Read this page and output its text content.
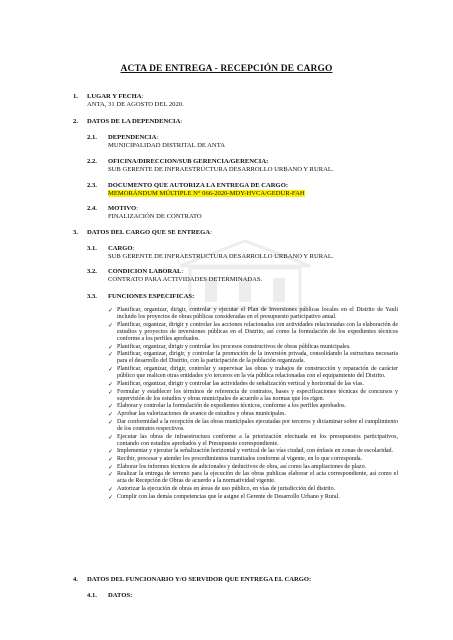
ACTA DE ENTREGA - RECEPCIÓN DE CARGO
1. LUGAR Y FECHA:
ANTA, 31 DE AGOSTO DEL 2020.
2. DATOS DE LA DEPENDENCIA:
2.1. DEPENDENCIA:
MUNICIPALIDAD DISTRITAL DE ANTA
2.2. OFICINA/DIRECCION/SUB GERENCIA/GERENCIA:
SUB GERENTE DE INFRAESTRUCTURA DESARROLLO URBANO Y RURAL.
2.3. DOCUMENTO QUE AUTORIZA LA ENTREGA DE CARGO:
MEMORÁNDUM MÚLTIPLE N° 066-2020-MDY-HVCA/GEDUR-FAH
2.4. MOTIVO:
FINALIZACIÓN DE CONTRATO
3. DATOS DEL CARGO QUE SE ENTREGA:
3.1. CARGO:
SUB GERENTE DE INFRAESTRUCTURA DESARROLLO URBANO Y RURAL.
3.2. CONDICION LABORAL:
CONTRATO PARA ACTIVIDADES DETERMINADAS.
3.3. FUNCIONES ESPECIFICAS:
✓ Planificar, organizar, dirigir, controlar y ejecutar el Plan de Inversiones públicas locales en el Distrito de Yauli incluido los proyectos de obras públicas consideradas en el presupuesto participativo anual.
✓ Planificar, organizar, dirigir y controlar las acciones relacionadas con actividades relacionadas con la elaboración de estudios y proyectos de inversiones públicas en el Distrito, así como la formulación de los expedientes técnicos conforme a los perfiles aprobados.
✓ Planificar, organizar, dirigir y controlar los procesos constructivos de obras públicas municipales.
✓ Planificar, organizar, dirigir, y controlar la promoción de la inversión privada, consolidando la estructura necesaria para el desarrollo del Distrito, con la participación de la población organizada.
✓ Planificar, organizar, dirigir, controlar y supervisar las obras y trabajos de construcción y reparación de carácter público que realicen otras entidades y/o terceros en la vía pública relacionadas con el equipamiento del Distrito.
✓ Planificar, organizar, dirigir y controlar las actividades de señalización vertical y horizontal de las vías.
✓ Formular y establecer los términos de referencia de contratos, bases y especificaciones técnicas de concursos y supervisión de los estudios y obras municipales de acuerdo a las normas que los rigen.
✓ Elaborar y controlar la formulación de expedientes técnicos, conforme a los perfiles aprobados.
✓ Aprobar las valorizaciones de avance de estudios y obras municipales.
✓ Dar conformidad a la recepción de las obras municipales ejecutadas por terceros y dictaminar sobre el cumplimiento de los contratos respectivos.
✓ Ejecutar las obras de infraestructura conforme a la priorización efectuada en los presupuestos participativos, contando con estudios aprobados y el Presupuesto correspondiente.
✓ Implementar y ejecutar la señalización horizontal y vertical de las vías ciudad, con énfasis en zonas de escolaridad.
✓ Recibir, procesar y atender los procedimientos tramitados conforme al vigente, en lo que corresponda.
✓ Elaborar los informes técnicos de adicionales y deductivos de obra, así como las ampliaciones de plazo.
✓ Realizar la entrega de terreno para la ejecución de las obras publicas elaborar el acta correspondiente, así como el acta de Recepción de Obras de acuerdo a la normatividad vigente.
✓ Autorizar la ejecución de obras en áreas de uso público, en vías de jurisdicción del distrito.
✓ Cumplir con las demás competencias que le asigne el Gerente de Desarrollo Urbano y Rural.
4. DATOS DEL FUNCIONARIO Y/O SERVIDOR QUE ENTREGA EL CARGO:
4.1. DATOS:
